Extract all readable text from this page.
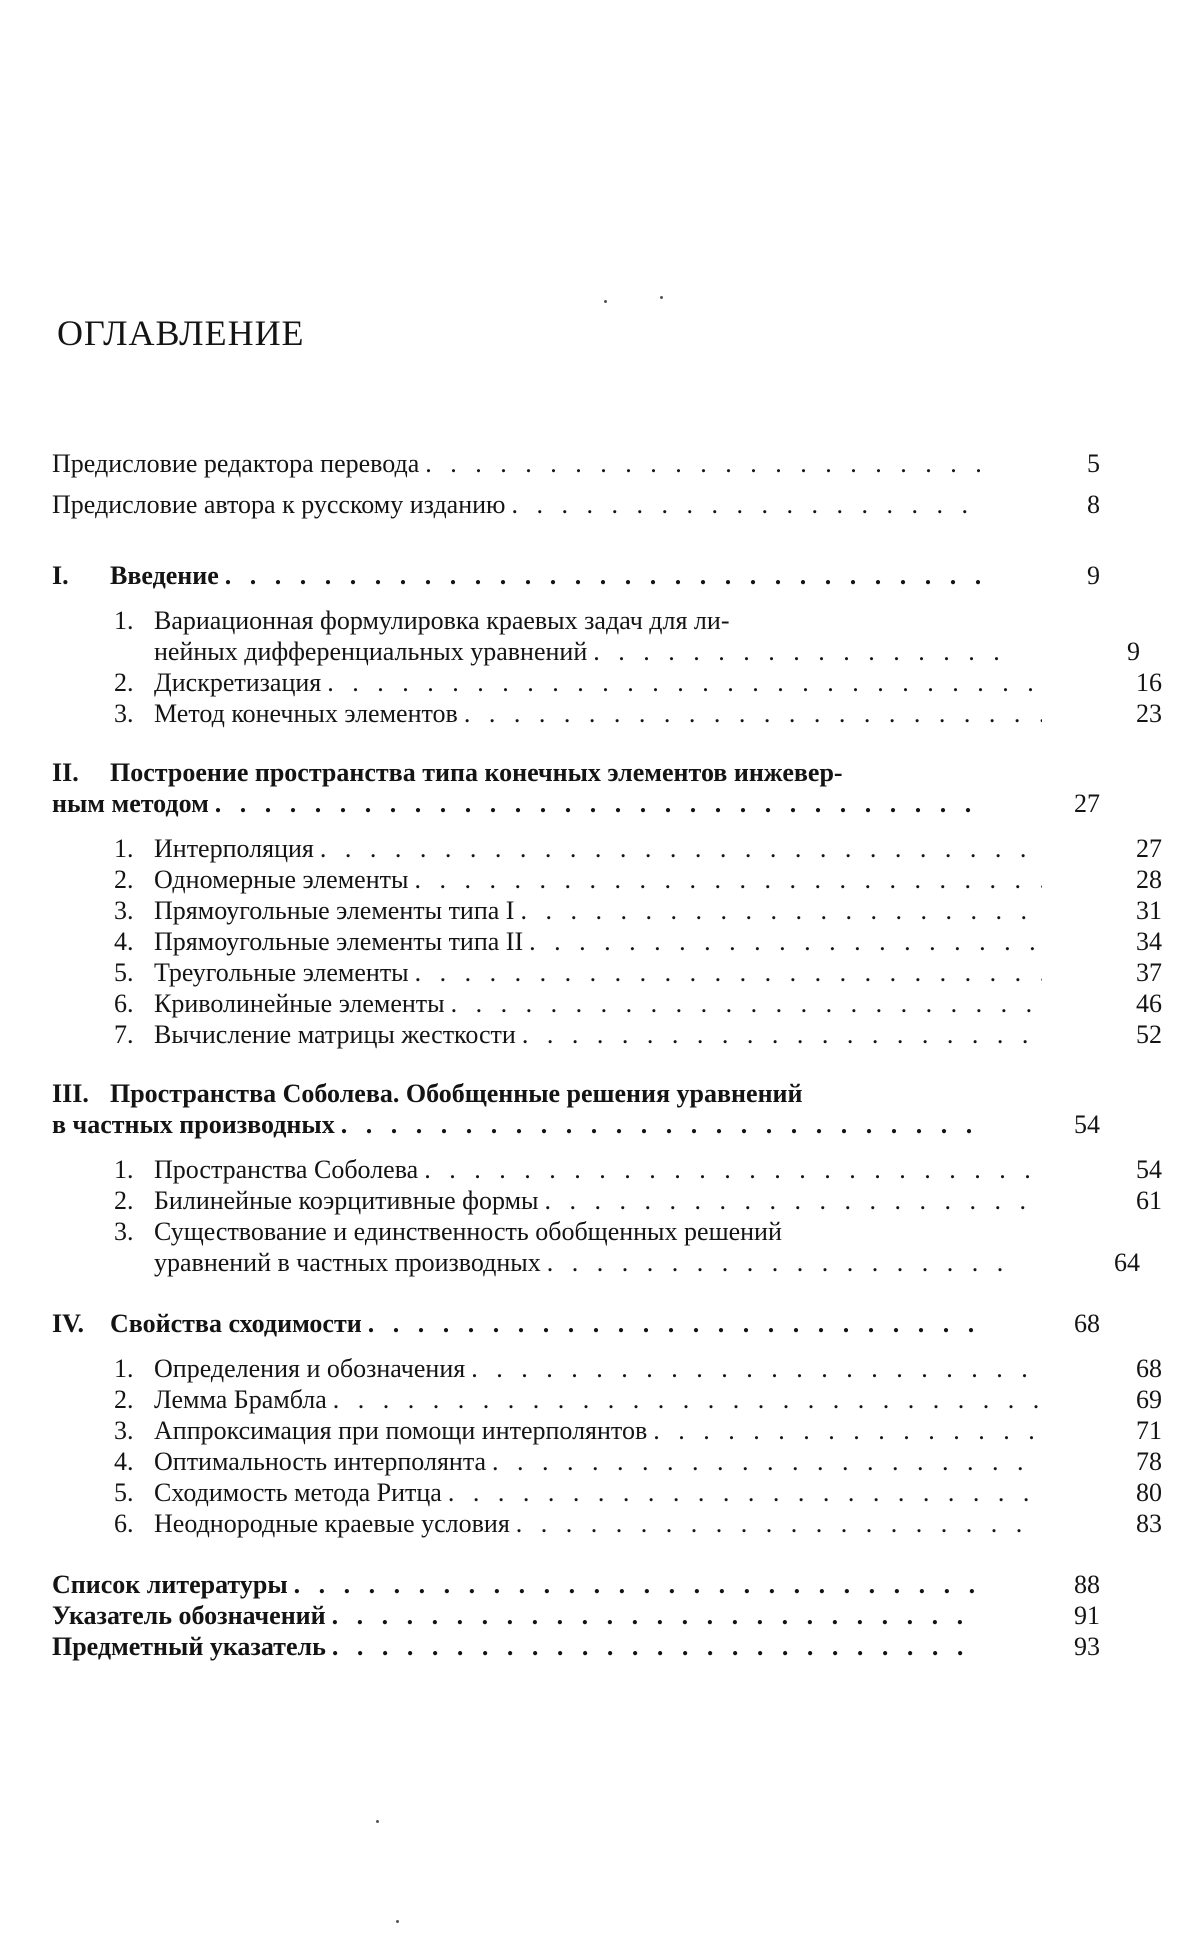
ОГЛАВЛЕНИЕ
Предисловие редактора перевода . . .	5
Предисловие автора к русскому изданию . . .	8
I. Введение . . .	9
1. Вариационная формулировка краевых задач для ли-
нейных дифференциальных уравнений . . .	9
2. Дискретизация . . .	16
3. Метод конечных элементов . . .	23
II. Построение пространства типа конечных элементов инжевер-
ным методом . . .	27
1. Интерполяция . . .	27
2. Одномерные элементы . . .	28
3. Прямоугольные элементы типа I . . .	31
4. Прямоугольные элементы типа II . . .	34
5. Треугольные элементы . . .	37
6. Криволинейные элементы . . .	46
7. Вычисление матрицы жесткости . . .	52
III. Пространства Соболева. Обобщенные решения уравнений
в частных производных . . .	54
1. Пространства Соболева . . .	54
2. Билинейные коэрцитивные формы . . .	61
3. Существование и единственность обобщенных решений
уравнений в частных производных . . .	64
IV. Свойства сходимости . . .	68
1. Определения и обозначения . . .	68
2. Лемма Брамбла . . .	69
3. Аппроксимация при помощи интерполянтов . . .	71
4. Оптимальность интерполянта . . .	78
5. Сходимость метода Ритца . . .	80
6. Неоднородные краевые условия . . .	83
Список литературы . . .	88
Указатель обозначений . . .	91
Предметный указатель . . .	93
